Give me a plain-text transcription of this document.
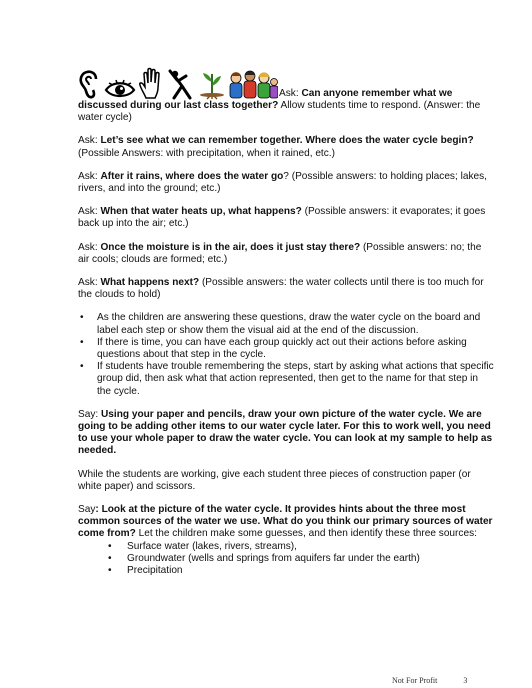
Ask: Can anyone remember what we discussed during our last class together? Allow students time to respond. (Answer: the water cycle)

Ask: Let’s see what we can remember together. Where does the water cycle begin?
(Possible Answers: with precipitation, when it rained, etc.)

Ask: After it rains, where does the water go? (Possible answers: to holding places; lakes, rivers, and into the ground; etc.)

Ask: When that water heats up, what happens? (Possible answers: it evaporates; it goes back up into the air; etc.)

Ask: Once the moisture is in the air, does it just stay there? (Possible answers: no; the air cools; clouds are formed; etc.)

Ask: What happens next? (Possible answers: the water collects until there is too much for the clouds to hold)

• As the children are answering these questions, draw the water cycle on the board and label each step or show them the visual aid at the end of the discussion.
• If there is time, you can have each group quickly act out their actions before asking questions about that step in the cycle.
• If students have trouble remembering the steps, start by asking what actions that specific group did, then ask what that action represented, then get to the name for that step in the cycle.

Say: Using your paper and pencils, draw your own picture of the water cycle. We are going to be adding other items to our water cycle later. For this to work well, you need to use your whole paper to draw the water cycle. You can look at my sample to help as needed.

While the students are working, give each student three pieces of construction paper (or white paper) and scissors.

Say: Look at the picture of the water cycle. It provides hints about the three most common sources of the water we use. What do you think our primary sources of water come from? Let the children make some guesses, and then identify these three sources:

• Surface water (lakes, rivers, streams),
• Groundwater (wells and springs from aquifers far under the earth)
• Precipitation
Not For Profit	3
